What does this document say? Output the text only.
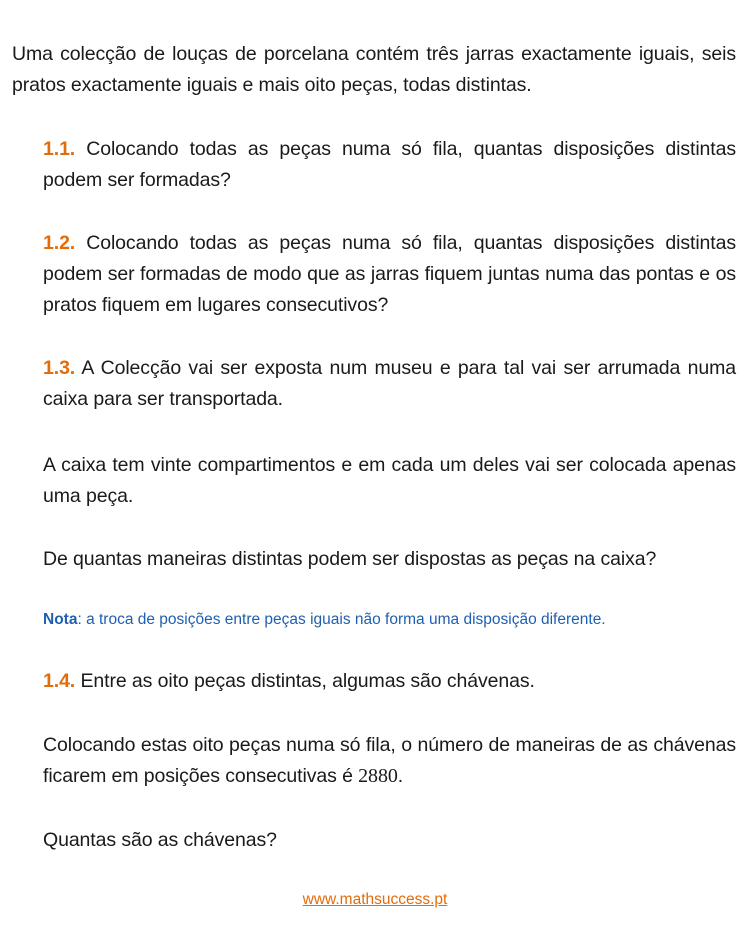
Uma colecção de louças de porcelana contém três jarras exactamente iguais, seis pratos exactamente iguais e mais oito peças, todas distintas.

1.1. Colocando todas as peças numa só fila, quantas disposições distintas podem ser formadas?

1.2. Colocando todas as peças numa só fila, quantas disposições distintas podem ser formadas de modo que as jarras fiquem juntas numa das pontas e os pratos fiquem em lugares consecutivos?

1.3. A Colecção vai ser exposta num museu e para tal vai ser arrumada numa caixa para ser transportada.

A caixa tem vinte compartimentos e em cada um deles vai ser colocada apenas uma peça.

De quantas maneiras distintas podem ser dispostas as peças na caixa?

Nota: a troca de posições entre peças iguais não forma uma disposição diferente.

1.4. Entre as oito peças distintas, algumas são chávenas.

Colocando estas oito peças numa só fila, o número de maneiras de as chávenas ficarem em posições consecutivas é 2880.

Quantas são as chávenas?

www.mathsuccess.pt
